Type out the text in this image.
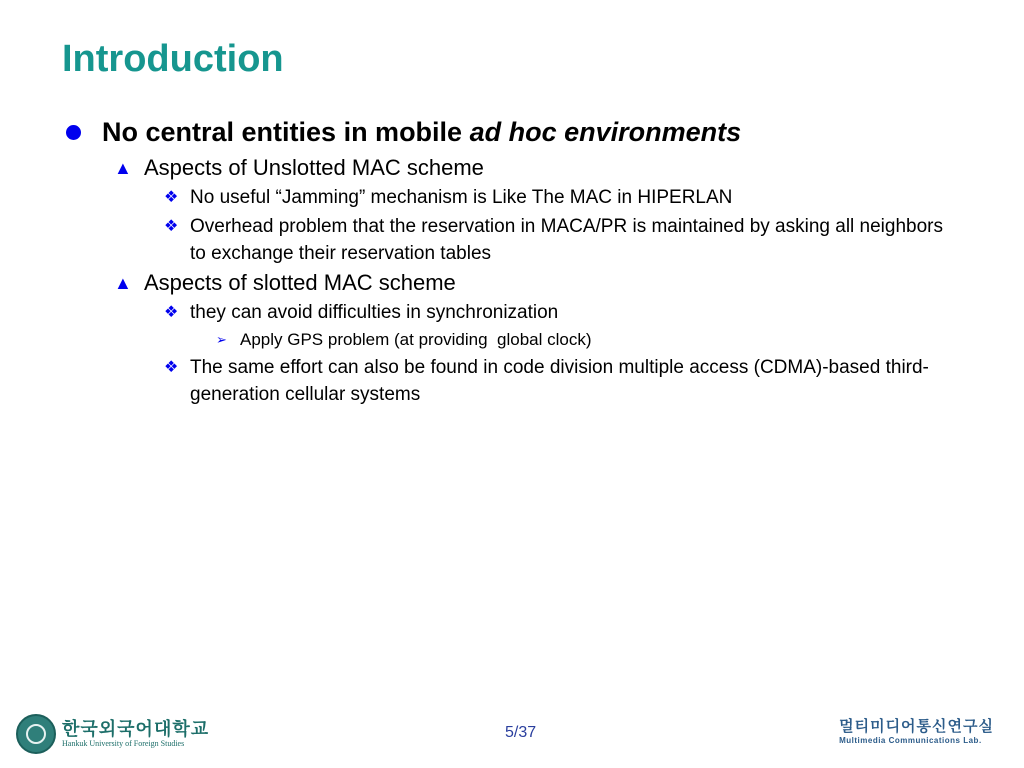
Introduction
No central entities in mobile ad hoc environments
▲ Aspects of Unslotted MAC scheme
❖ No useful “Jamming” mechanism is Like The MAC in HIPERLAN
❖ Overhead problem that the reservation in MACA/PR is maintained by asking all neighbors to exchange their reservation tables
▲ Aspects of slotted MAC scheme
❖ they can avoid difficulties in synchronization
➢ Apply GPS problem (at providing  global clock)
❖ The same effort can also be found in code division multiple access (CDMA)-based third-generation cellular systems
한국외국어대학교
Hankuk University of Foreign Studies
5/37	멀티미디어통신연구실
Multimedia Communications Lab.
